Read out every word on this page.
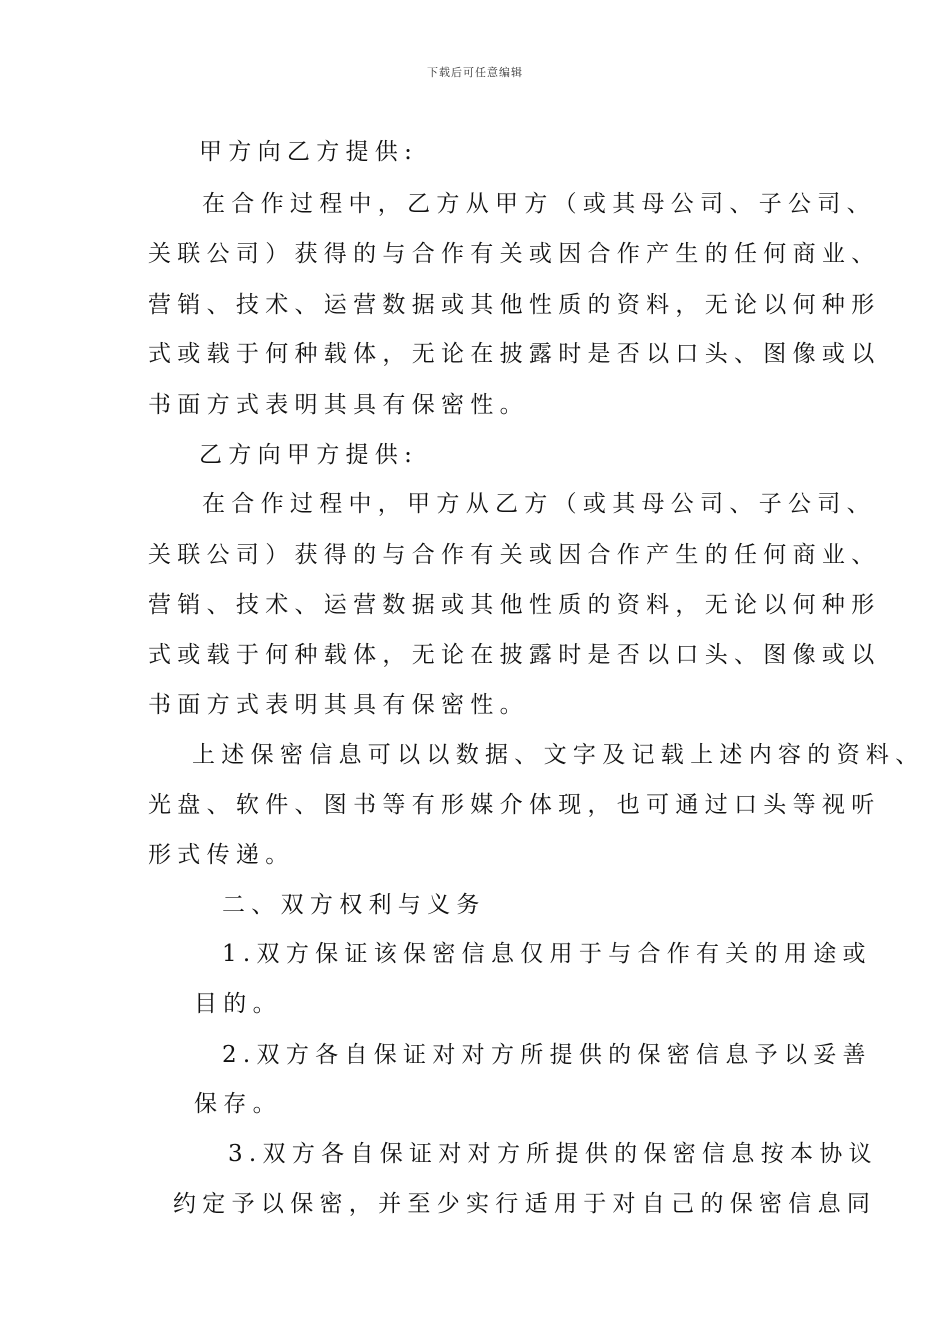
下载后可任意编辑
甲方向乙方提供:
在合作过程中，乙方从甲方（或其母公司、子公司、
关联公司）获得的与合作有关或因合作产生的任何商业、
营销、技术、运营数据或其他性质的资料，无论以何种形
式或载于何种载体，无论在披露时是否以口头、图像或以
书面方式表明其具有保密性。
乙方向甲方提供:
在合作过程中，甲方从乙方（或其母公司、子公司、
关联公司）获得的与合作有关或因合作产生的任何商业、
营销、技术、运营数据或其他性质的资料，无论以何种形
式或载于何种载体，无论在披露时是否以口头、图像或以
书面方式表明其具有保密性。
上述保密信息可以以数据、文字及记载上述内容的资料、
光盘、软件、图书等有形媒介体现，也可通过口头等视听
形式传递。
二、双方权利与义务
1.双方保证该保密信息仅用于与合作有关的用途或
目的。
2.双方各自保证对对方所提供的保密信息予以妥善
保存。
3.双方各自保证对对方所提供的保密信息按本协议
约定予以保密，并至少实行适用于对自己的保密信息同
